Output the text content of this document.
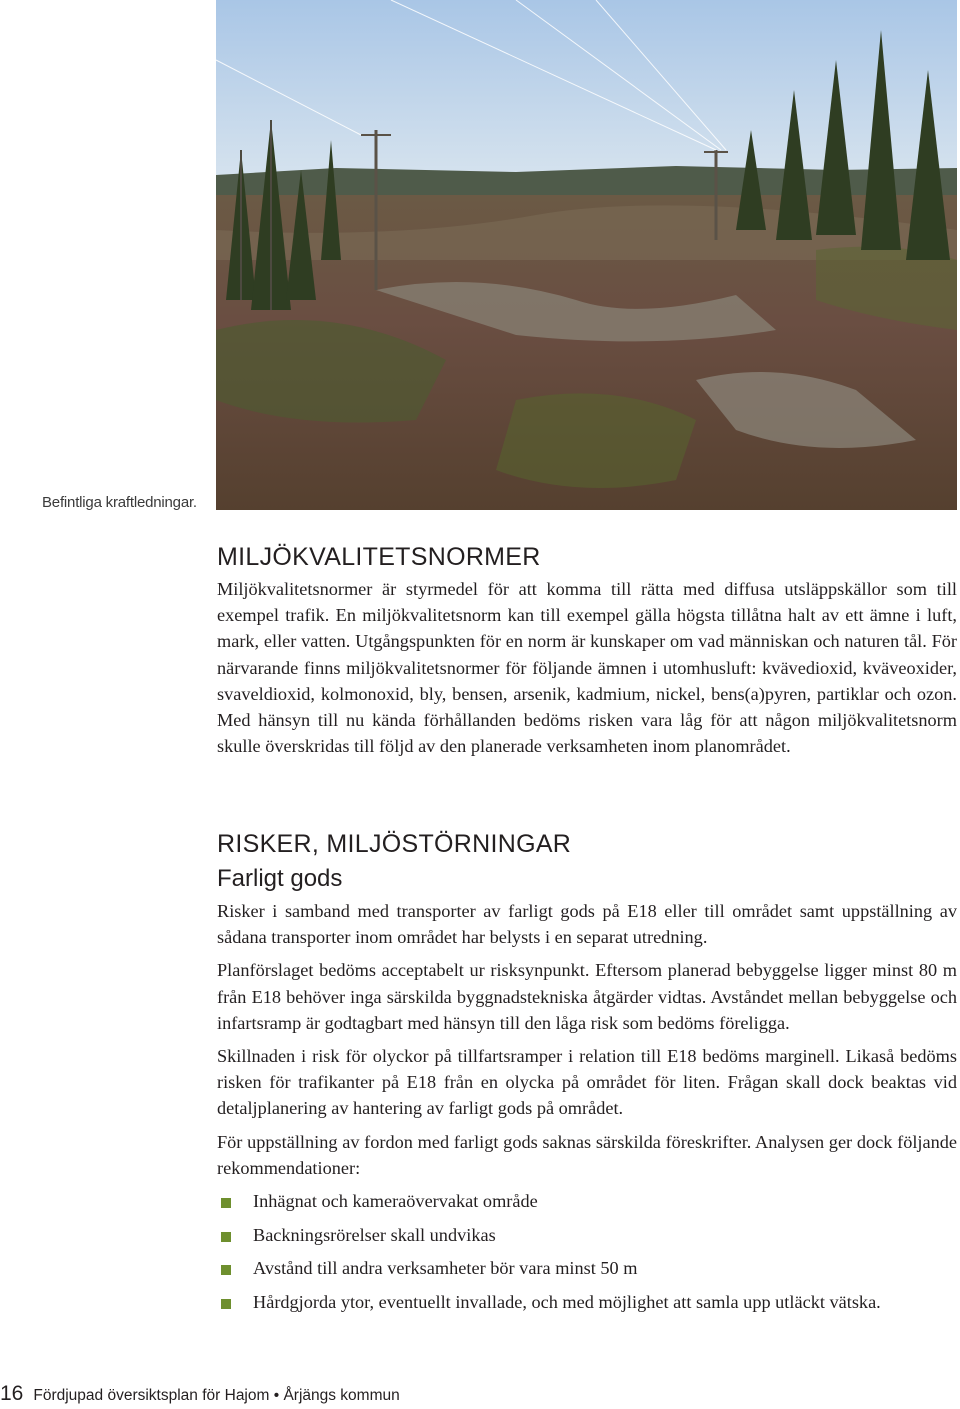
Befintliga kraftledningar.
MILJÖKVALITETSNORMER

Miljökvalitetsnormer är styrmedel för att komma till rätta med diffusa utsläppskällor som till exempel trafik. En miljökvalitetsnorm kan till exempel gälla högsta tillåtna halt av ett ämne i luft, mark, eller vatten. Utgångspunkten för en norm är kunskaper om vad människan och naturen tål. För närvarande finns miljökvalitetsnormer för följande ämnen i utomhusluft: kvävedioxid, kväveoxider, svaveldioxid, kolmonoxid, bly, bensen, arsenik, kadmium, nickel, bens(a)pyren, partiklar och ozon. Med hänsyn till nu kända förhållanden bedöms risken vara låg för att någon miljökvalitetsnorm skulle överskridas till följd av den planerade verksamheten inom planområdet.

RISKER, MILJÖSTÖRNINGAR
Farligt gods

Risker i samband med transporter av farligt gods på E18 eller till området samt uppställning av sådana transporter inom området har belysts i en separat utredning.

Planförslaget bedöms acceptabelt ur risksynpunkt. Eftersom planerad bebyggelse ligger minst 80 m från E18 behöver inga särskilda byggnadstekniska åtgärder vidtas. Avståndet mellan bebyggelse och infartsramp är godtagbart med hänsyn till den låga risk som bedöms föreligga.

Skillnaden i risk för olyckor på tillfartsramper i relation till E18 bedöms marginell. Likaså bedöms risken för trafikanter på E18 från en olycka på området för liten. Frågan skall dock beaktas vid detaljplanering av hantering av farligt gods på området.

För uppställning av fordon med farligt gods saknas särskilda föreskrifter. Analysen ger dock följande rekommendationer:

Inhägnat och kameraövervakat område
Backningsrörelser skall undvikas
Avstånd till andra verksamheter bör vara minst 50 m
Hårdgjorda ytor, eventuellt invallade, och med möjlighet att samla upp utläckt vätska.
16 Fördjupad översiktsplan för Hajom • Årjängs kommun
